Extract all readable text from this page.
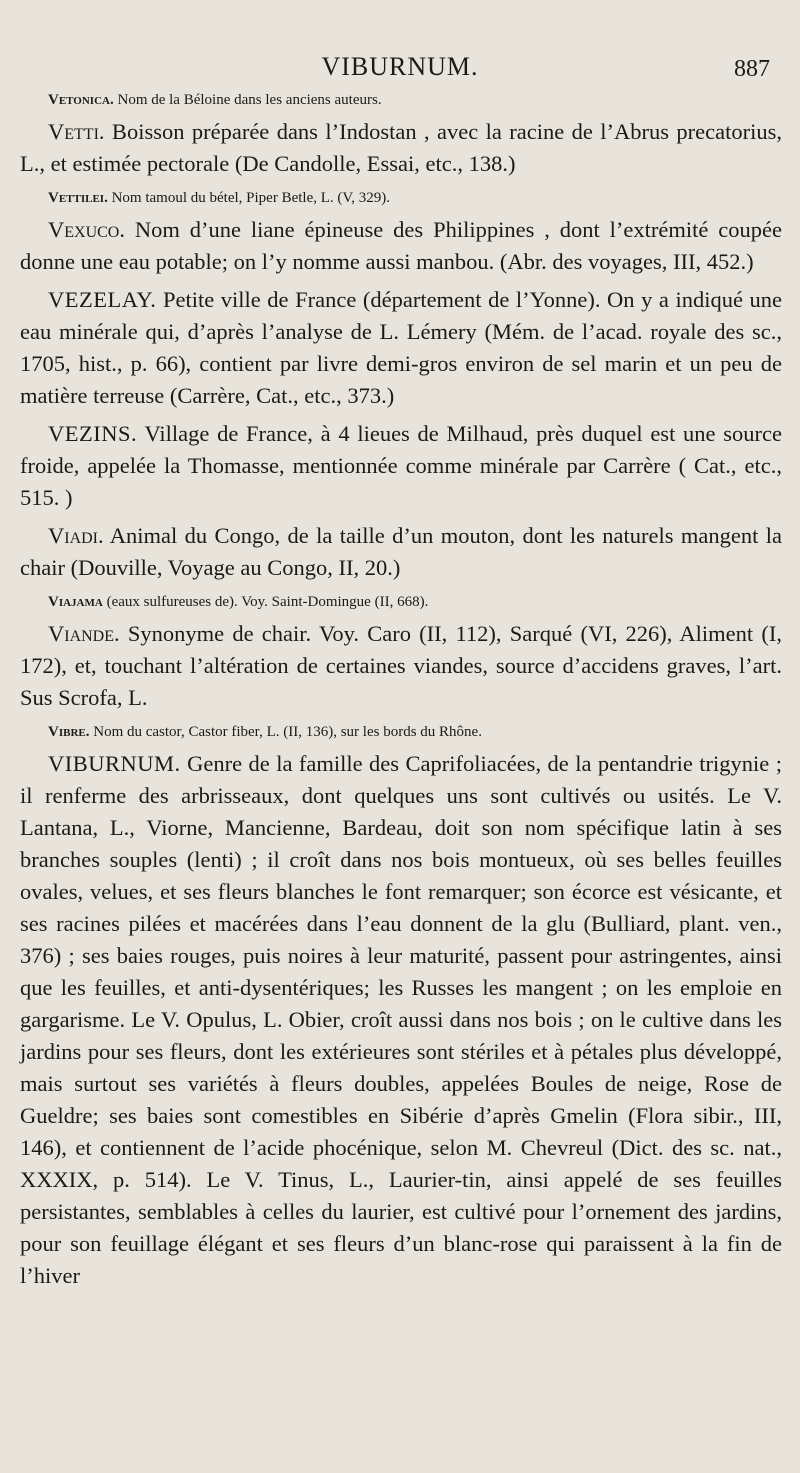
VIBURNUM.	887

Vetonica. Nom de la Béloine dans les anciens auteurs.

Vetti. Boisson préparée dans l’Indostan , avec la racine de l’Abrus precatorius, L., et estimée pectorale (De Candolle, Essai, etc., 138.)

Vettilei. Nom tamoul du bétel, Piper Betle, L. (V, 329).

Vexuco. Nom d’une liane épineuse des Philippines , dont l’extrémité coupée donne une eau potable; on l’y nomme aussi manbou. (Abr. des voyages, III, 452.)

VEZELAY. Petite ville de France (département de l’Yonne). On y a indiqué une eau minérale qui, d’après l’analyse de L. Lémery (Mém. de l’acad. royale des sc., 1705, hist., p. 66), contient par livre demi-gros environ de sel marin et un peu de matière terreuse (Carrère, Cat., etc., 373.)

VEZINS. Village de France, à 4 lieues de Milhaud, près duquel est une source froide, appelée la Thomasse, mentionnée comme minérale par Carrère ( Cat., etc., 515. )

Viadi. Animal du Congo, de la taille d’un mouton, dont les naturels mangent la chair (Douville, Voyage au Congo, II, 20.)

Viajama (eaux sulfureuses de). Voy. Saint-Domingue (II, 668).

Viande. Synonyme de chair. Voy. Caro (II, 112), Sarqué (VI, 226), Aliment (I, 172), et, touchant l’altération de certaines viandes, source d’accidens graves, l’art. Sus Scrofa, L.

Vibre. Nom du castor, Castor fiber, L. (II, 136), sur les bords du Rhône.

VIBURNUM. Genre de la famille des Caprifoliacées, de la pentandrie trigynie ; il renferme des arbrisseaux, dont quelques uns sont cultivés ou usités. Le V. Lantana, L., Viorne, Mancienne, Bardeau, doit son nom spécifique latin à ses branches souples (lenti) ; il croît dans nos bois montueux, où ses belles feuilles ovales, velues, et ses fleurs blanches le font remarquer; son écorce est vésicante, et ses racines pilées et macérées dans l’eau donnent de la glu (Bulliard, plant. ven., 376) ; ses baies rouges, puis noires à leur maturité, passent pour astringentes, ainsi que les feuilles, et anti-dysentériques; les Russes les mangent ; on les emploie en gargarisme. Le V. Opulus, L. Obier, croît aussi dans nos bois ; on le cultive dans les jardins pour ses fleurs, dont les extérieures sont stériles et à pétales plus développé, mais surtout ses variétés à fleurs doubles, appelées Boules de neige, Rose de Gueldre; ses baies sont comestibles en Sibérie d’après Gmelin (Flora sibir., III, 146), et contiennent de l’acide phocénique, selon M. Chevreul (Dict. des sc. nat., XXXIX, p. 514). Le V. Tinus, L., Laurier-tin, ainsi appelé de ses feuilles persistantes, semblables à celles du laurier, est cultivé pour l’ornement des jardins, pour son feuillage élégant et ses fleurs d’un blanc-rose qui paraissent à la fin de l’hiver
